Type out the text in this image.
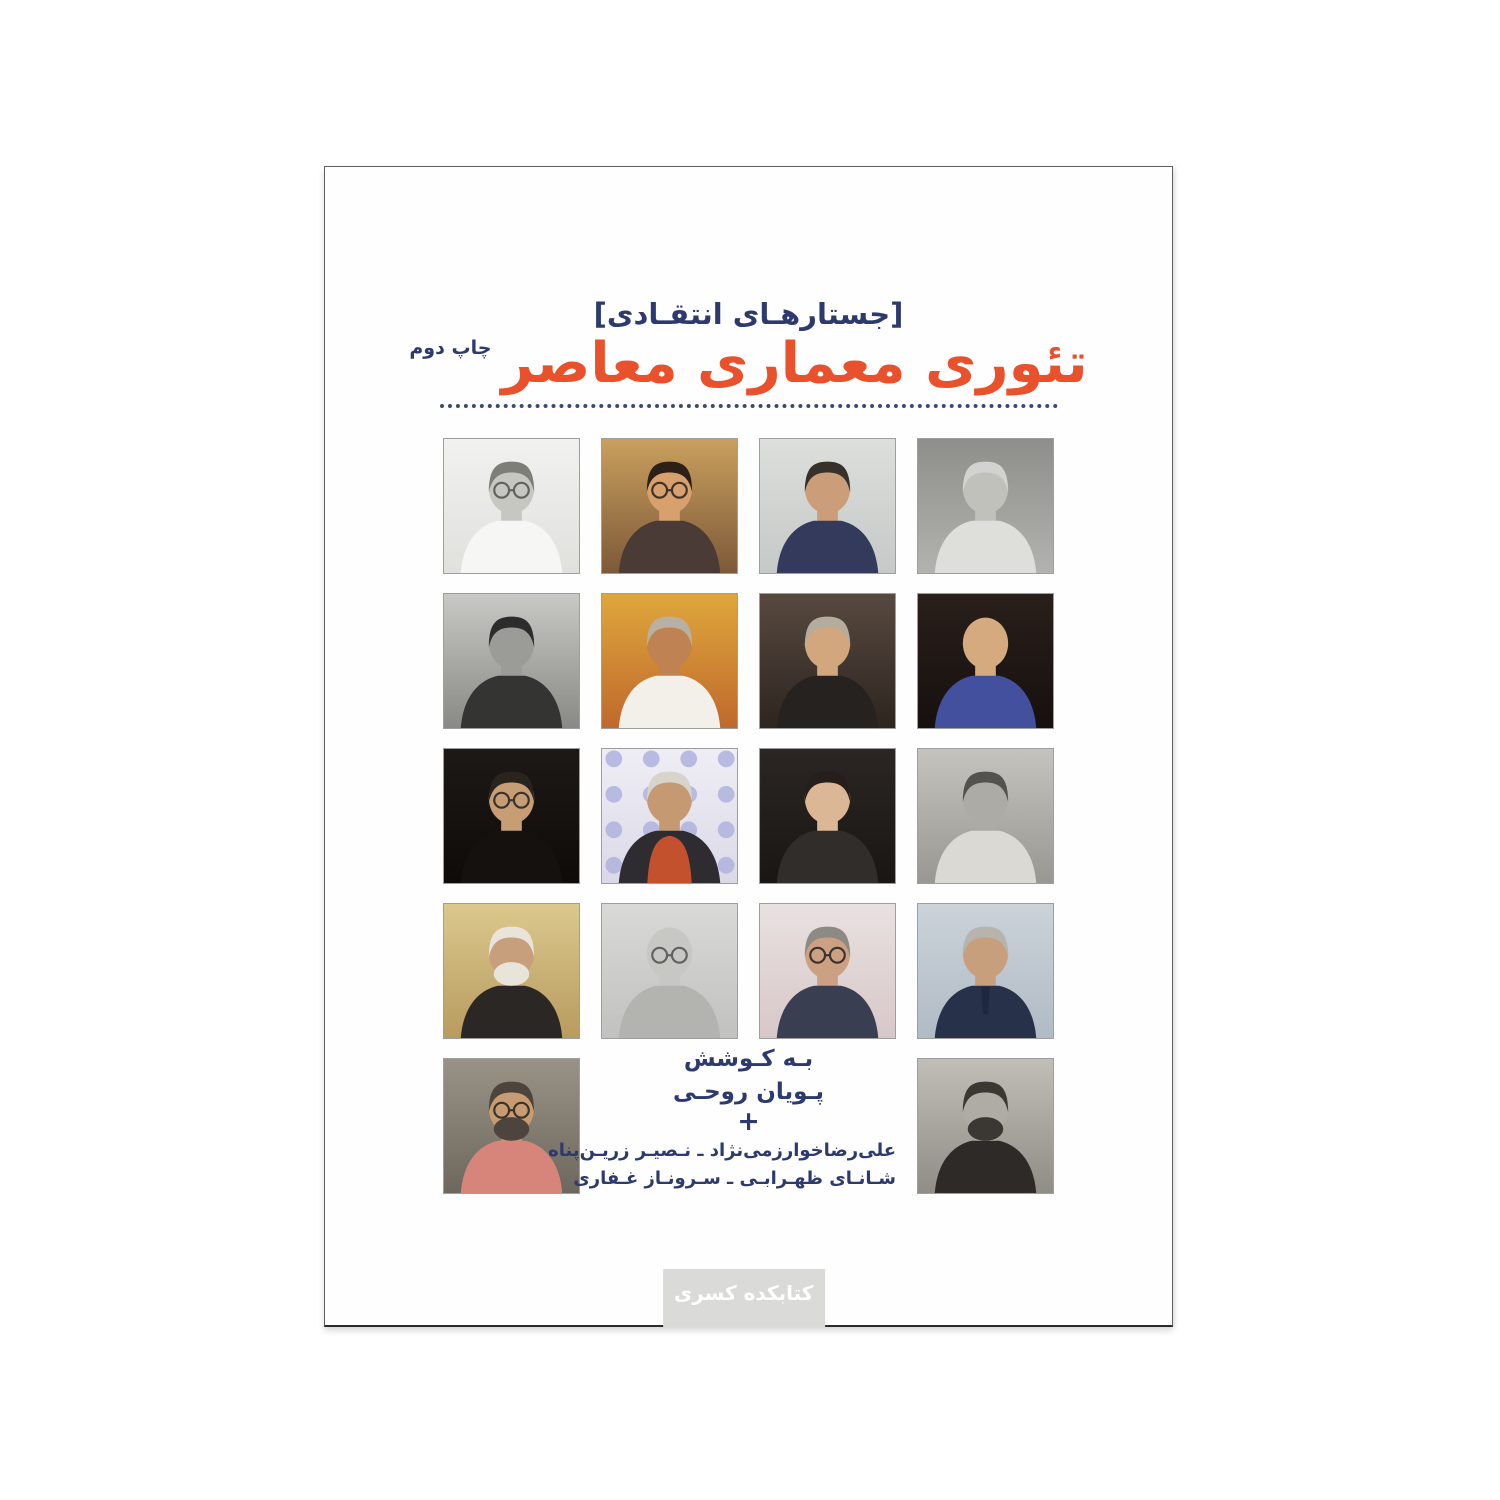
[جستارهـای انتقـادی]
تئوری معماری معاصر
چاپ دوم
بـه کـوشش
پـویان روحـی
+
علی‌رضاخوارزمی‌نژاد ـ نـصیـر زریـن‌پناه
شـانـای ظهـرابـی ـ سـرونـاز غـفاری
کتابکده کسری
